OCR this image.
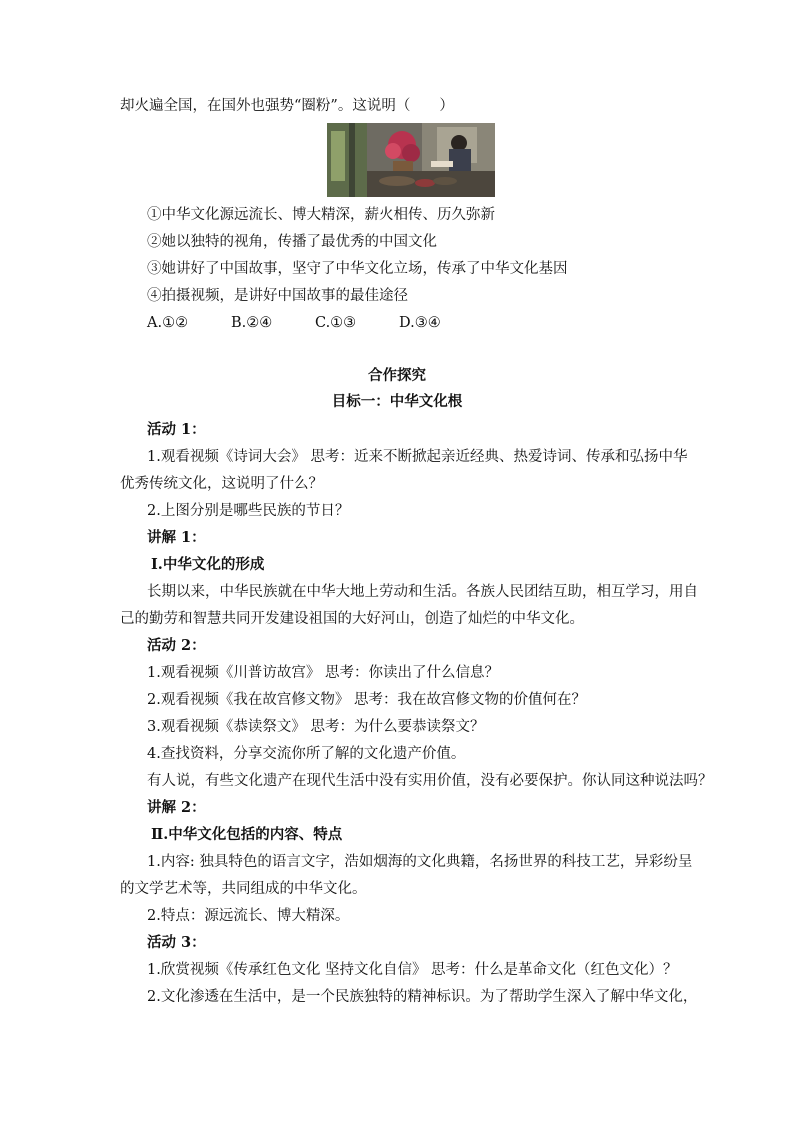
却火遍全国，在国外也强势“圈粉”。这说明（　　）
①中华文化源远流长、博大精深，薪火相传、历久弥新
②她以独特的视角，传播了最优秀的中国文化
③她讲好了中国故事，坚守了中华文化立场，传承了中华文化基因
④拍摄视频，是讲好中国故事的最佳途径
A.①②	B.②④	C.①③	D.③④
合作探究
目标一：中华文化根
活动 1：
1.观看视频《诗词大会》 思考：近来不断掀起亲近经典、热爱诗词、传承和弘扬中华
优秀传统文化，这说明了什么？
2.上图分别是哪些民族的节日？
讲解 1：
Ⅰ.中华文化的形成
长期以来，中华民族就在中华大地上劳动和生活。各族人民团结互助，相互学习，用自
己的勤劳和智慧共同开发建设祖国的大好河山，创造了灿烂的中华文化。
活动 2：
1.观看视频《川普访故宫》 思考：你读出了什么信息？
2.观看视频《我在故宫修文物》 思考：我在故宫修文物的价值何在？
3.观看视频《恭读祭文》 思考：为什么要恭读祭文？
4.查找资料，分享交流你所了解的文化遗产价值。
有人说，有些文化遗产在现代生活中没有实用价值，没有必要保护。你认同这种说法吗？
讲解 2：
Ⅱ.中华文化包括的内容、特点
1.内容: 独具特色的语言文字，浩如烟海的文化典籍，名扬世界的科技工艺，异彩纷呈
的文学艺术等，共同组成的中华文化。
2.特点：源远流长、博大精深。
活动 3：
1.欣赏视频《传承红色文化 坚持文化自信》 思考：什么是革命文化（红色文化）？
2.文化渗透在生活中，是一个民族独特的精神标识。为了帮助学生深入了解中华文化，
